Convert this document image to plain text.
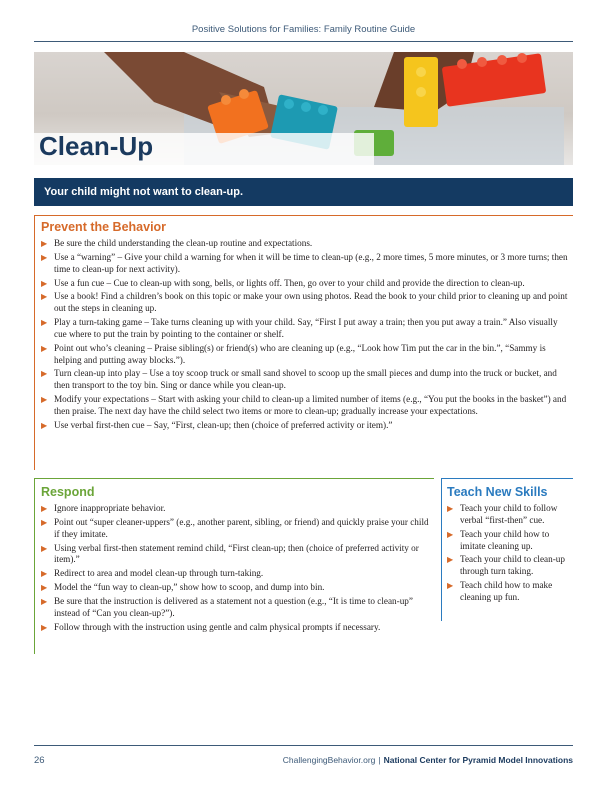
Positive Solutions for Families: Family Routine Guide
Clean-Up
Your child might not want to clean-up.
Prevent the Behavior
▶ Be sure the child understanding the clean-up routine and expectations.
▶ Use a “warning” – Give your child a warning for when it will be time to clean-up (e.g., 2 more times, 5 more minutes, or 3 more turns; then time to clean-up for next activity).
▶ Use a fun cue – Cue to clean-up with song, bells, or lights off. Then, go over to your child and provide the direction to clean-up.
▶ Use a book! Find a children’s book on this topic or make your own using photos. Read the book to your child prior to cleaning up and point out the steps in cleaning up.
▶ Play a turn-taking game – Take turns cleaning up with your child. Say, “First I put away a train; then you put away a train.” Also visually cue where to put the train by pointing to the container or shelf.
▶ Point out who’s cleaning – Praise sibling(s) or friend(s) who are cleaning up (e.g., “Look how Tim put the car in the bin.”, “Sammy is helping and putting away blocks.”).
▶ Turn clean-up into play – Use a toy scoop truck or small sand shovel to scoop up the small pieces and dump into the truck or bucket, and then transport to the toy bin. Sing or dance while you clean-up.
▶ Modify your expectations – Start with asking your child to clean-up a limited number of items (e.g., “You put the books in the basket”) and then praise. The next day have the child select two items or more to clean-up; gradually increase your expectations.
▶ Use verbal first-then cue – Say, “First, clean-up; then (choice of preferred activity or item).”
Respond
▶ Ignore inappropriate behavior.
▶ Point out “super cleaner-uppers” (e.g., another parent, sibling, or friend) and quickly praise your child if they imitate.
▶ Using verbal first-then statement remind child, “First clean-up; then (choice of preferred activity or item).”
▶ Redirect to area and model clean-up through turn-taking.
▶ Model the “fun way to clean-up,” show how to scoop, and dump into bin.
▶ Be sure that the instruction is delivered as a statement not a question (e.g., “It is time to clean-up” instead of “Can you clean-up?”).
▶ Follow through with the instruction using gentle and calm physical prompts if necessary.
Teach New Skills
▶ Teach your child to follow verbal “first-then” cue.
▶ Teach your child how to imitate cleaning up.
▶ Teach your child to clean-up through turn taking.
▶ Teach child how to make cleaning up fun.
26	ChallengingBehavior.org | National Center for Pyramid Model Innovations
